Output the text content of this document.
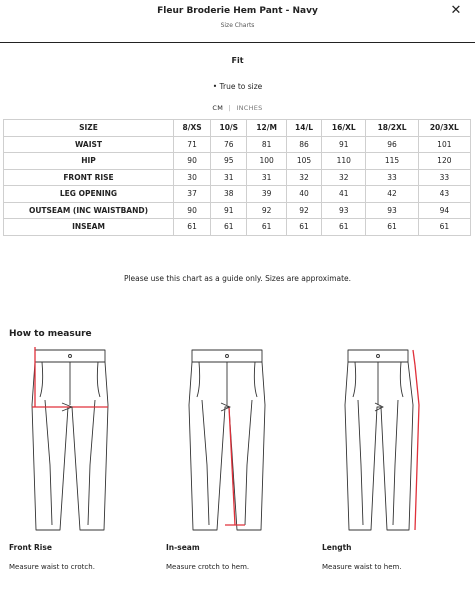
Fleur Broderie Hem Pant - Navy
Size Charts
✕
Fit
• True to size
CM | INCHES
SIZE	8/XS	10/S	12/M	14/L	16/XL	18/2XL	20/3XL
WAIST	71	76	81	86	91	96	101
HIP	90	95	100	105	110	115	120
FRONT RISE	30	31	31	32	32	33	33
LEG OPENING	37	38	39	40	41	42	43
OUTSEAM (INC WAISTBAND)	90	91	92	92	93	93	94
INSEAM	61	61	61	61	61	61	61
Please use this chart as a guide only. Sizes are approximate.
How to measure
Front Rise
Measure waist to crotch.
In-seam
Measure crotch to hem.
Length
Measure waist to hem.
